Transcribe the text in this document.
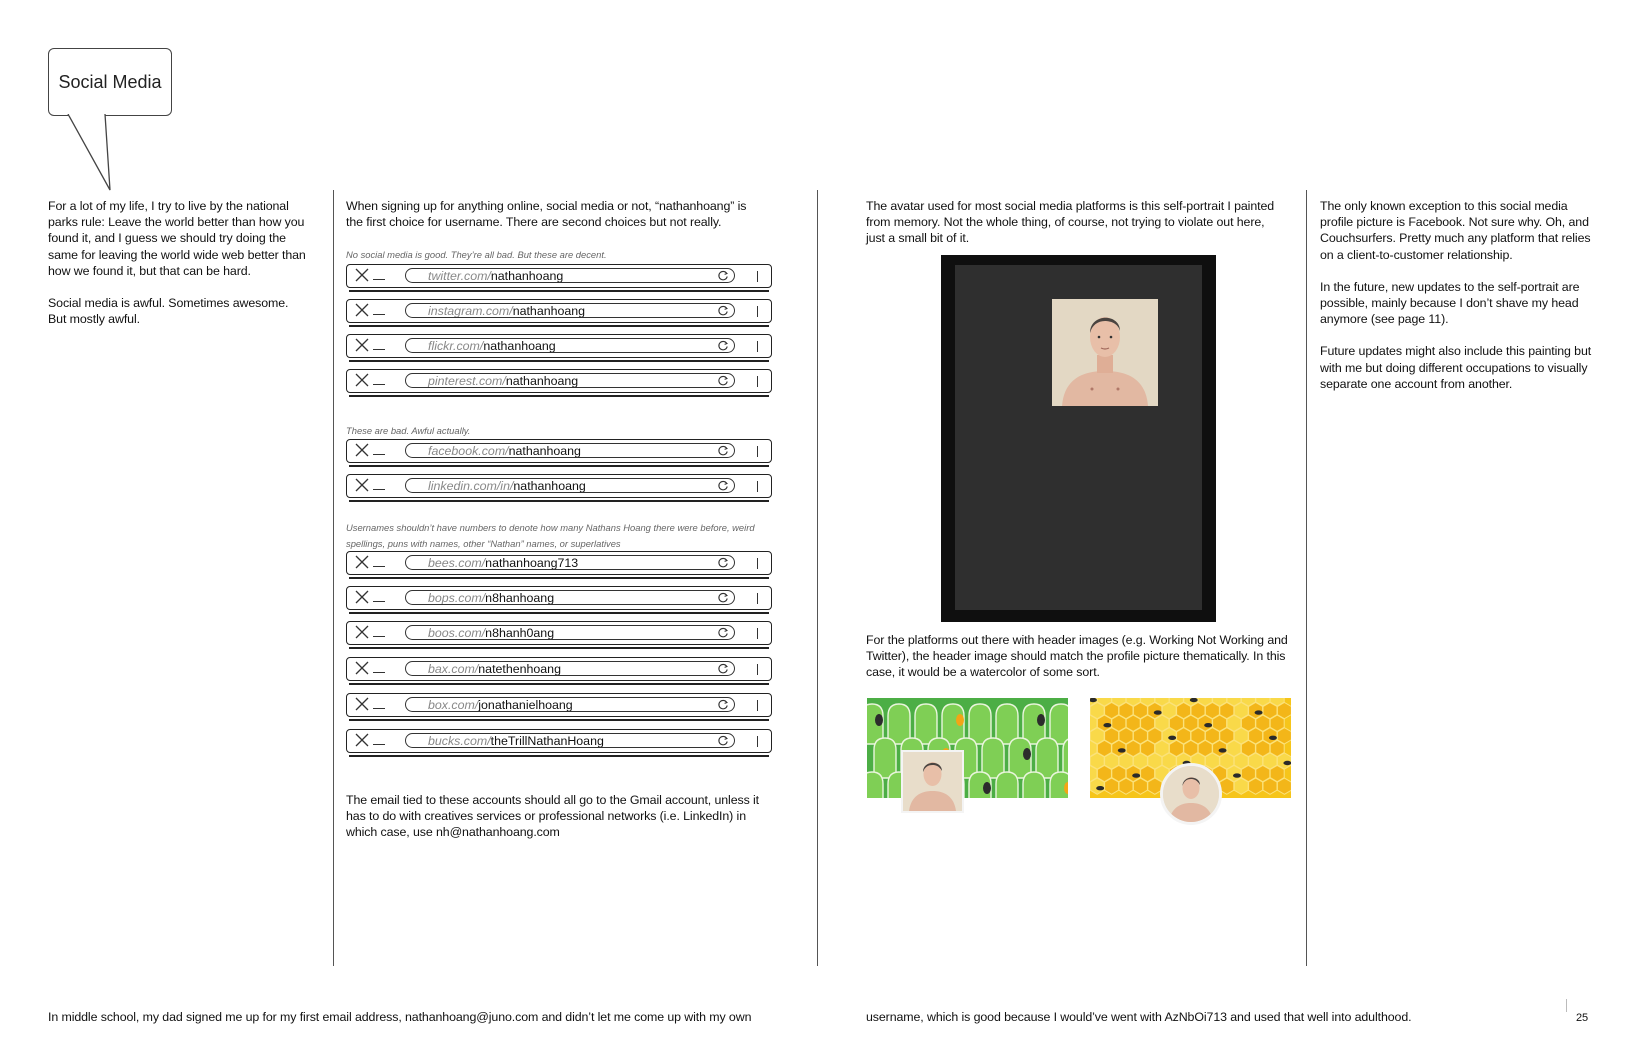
Social Media

For a lot of my life, I try to live by the national parks rule: Leave the world better than how you found it, and I guess we should try doing the same for leaving the world wide web better than how we found it, but that can be hard.

Social media is awful. Sometimes awesome.
But mostly awful.

When signing up for anything online, social media or not, “nathanhoang” is the first choice for username. There are second choices but not really.
No social media is good. They’re all bad. But these are decent.
twitter.com/nathanhoang
instagram.com/nathanhoang
flickr.com/nathanhoang
pinterest.com/nathanhoang
These are bad. Awful actually.
facebook.com/nathanhoang
linkedin.com/in/nathanhoang
Usernames shouldn’t have numbers to denote how many Nathans Hoang there were before, weird spellings, puns with names, other “Nathan” names, or superlatives
bees.com/nathanhoang713
bops.com/n8hanhoang
boos.com/n8hanh0ang
bax.com/natethenhoang
box.com/jonathanielhoang
bucks.com/theTrillNathanHoang
The email tied to these accounts should all go to the Gmail account, unless it has to do with creatives services or professional networks (i.e. LinkedIn) in which case, use nh@nathanhoang.com
The avatar used for most social media platforms is this self-portrait I painted from memory. Not the whole thing, of course, not trying to violate out here, just a small bit of it.
For the platforms out there with header images (e.g. Working Not Working and Twitter), the header image should match the profile picture thematically. In this case, it would be a watercolor of some sort.

The only known exception to this social media profile picture is Facebook. Not sure why. Oh, and Couchsurfers. Pretty much any platform that relies on a client-to-customer relationship.

In the future, new updates to the self-portrait are possible, mainly because I don’t shave my head anymore (see page 11).

Future updates might also include this painting but with me but doing different occupations to visually separate one account from another.

In middle school, my dad signed me up for my first email address, nathanhoang@juno.com and didn’t let me come up with my own	username, which is good because I would’ve went with AzNbOi713 and used that well into adulthood.	25
